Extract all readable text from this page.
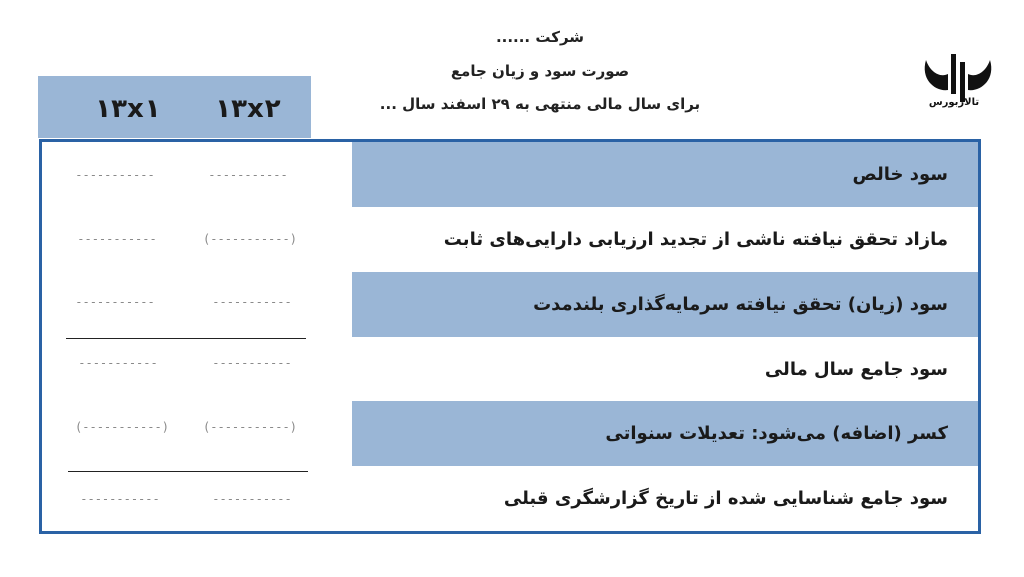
شرکت ......
صورت سود و زیان جامع
برای سال مالی منتهی به ۲۹ اسفند سال ...	تالاربورس
۱۳x۱	۱۳x۲
سود خالص
مازاد تحقق نیافته ناشی از تجدید ارزیابی دارایی‌های ثابت
سود (زیان) تحقق نیافته سرمایه‌گذاری بلندمدت
سود جامع سال مالی
کسر (اضافه) می‌شود: تعدیلات سنواتی
سود جامع شناسایی شده از تاریخ گزارشگری قبلی
-----------
-----------
(-----------)
-----------
-----------
-----------
-----------
-----------
(-----------)
(-----------)
-----------
-----------
